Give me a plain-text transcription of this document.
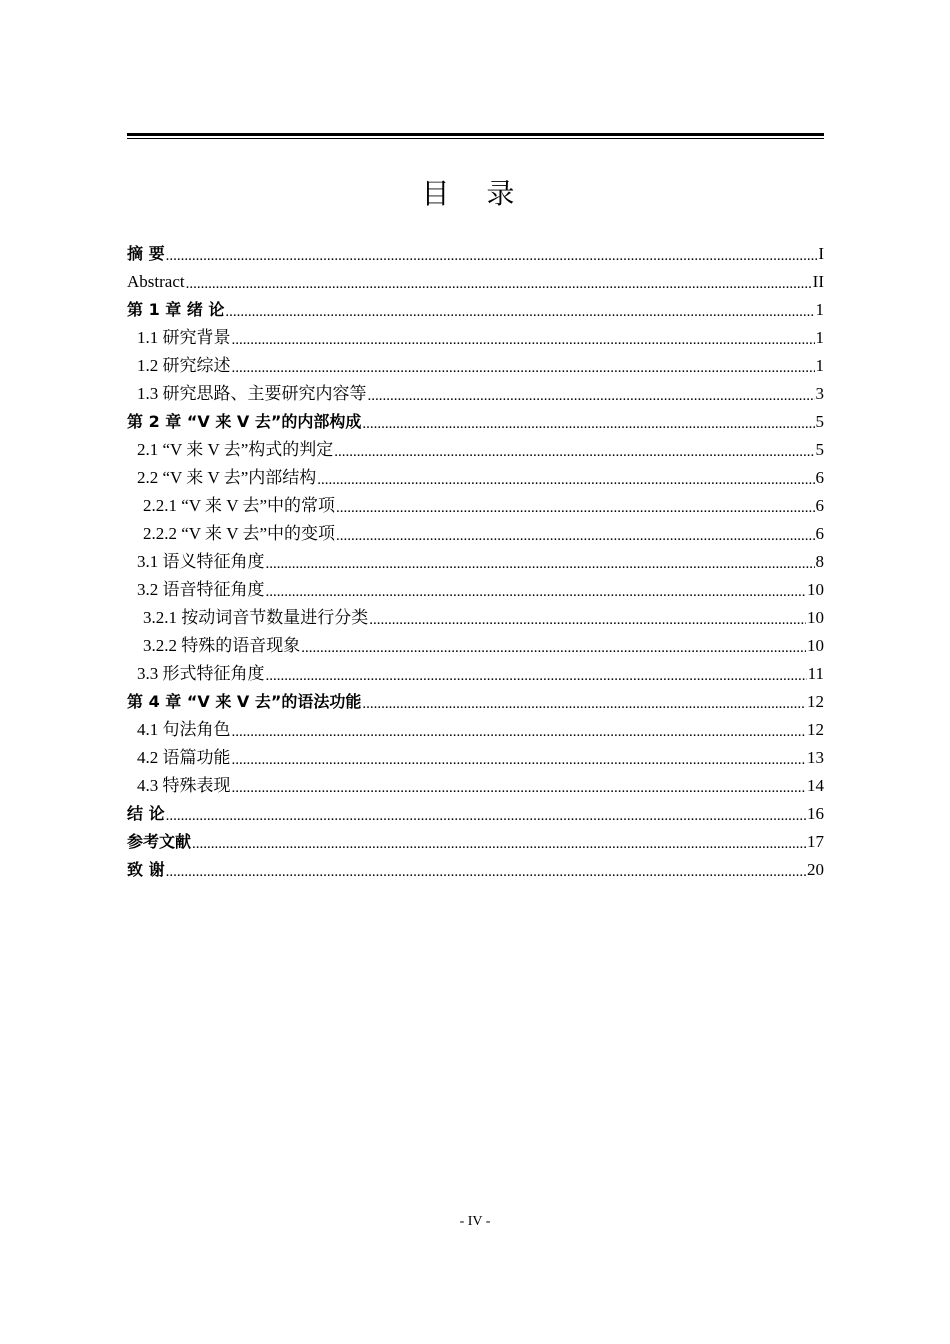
目 录
摘 要 .....	I
Abstract .....	II
第 1 章 绪 论 .....	1
1.1 研究背景 .....	1
1.2 研究综述 .....	1
1.3 研究思路、主要研究内容等 .....	3
第 2 章 “V 来 V 去”的内部构成 .....	5
2.1 “V 来 V 去”构式的判定 .....	5
2.2 “V 来 V 去”内部结构 .....	6
2.2.1 “V 来 V 去”中的常项 .....	6
2.2.2 “V 来 V 去”中的变项 .....	6
3.1 语义特征角度 .....	8
3.2 语音特征角度 .....	10
3.2.1 按动词音节数量进行分类 .....	10
3.2.2 特殊的语音现象 .....	10
3.3 形式特征角度 .....	11
第 4 章 “V 来 V 去”的语法功能 .....	12
4.1 句法角色 .....	12
4.2 语篇功能 .....	13
4.3 特殊表现 .....	14
结 论 .....	16
参考文献 .....	17
致 谢 .....	20
- IV -
